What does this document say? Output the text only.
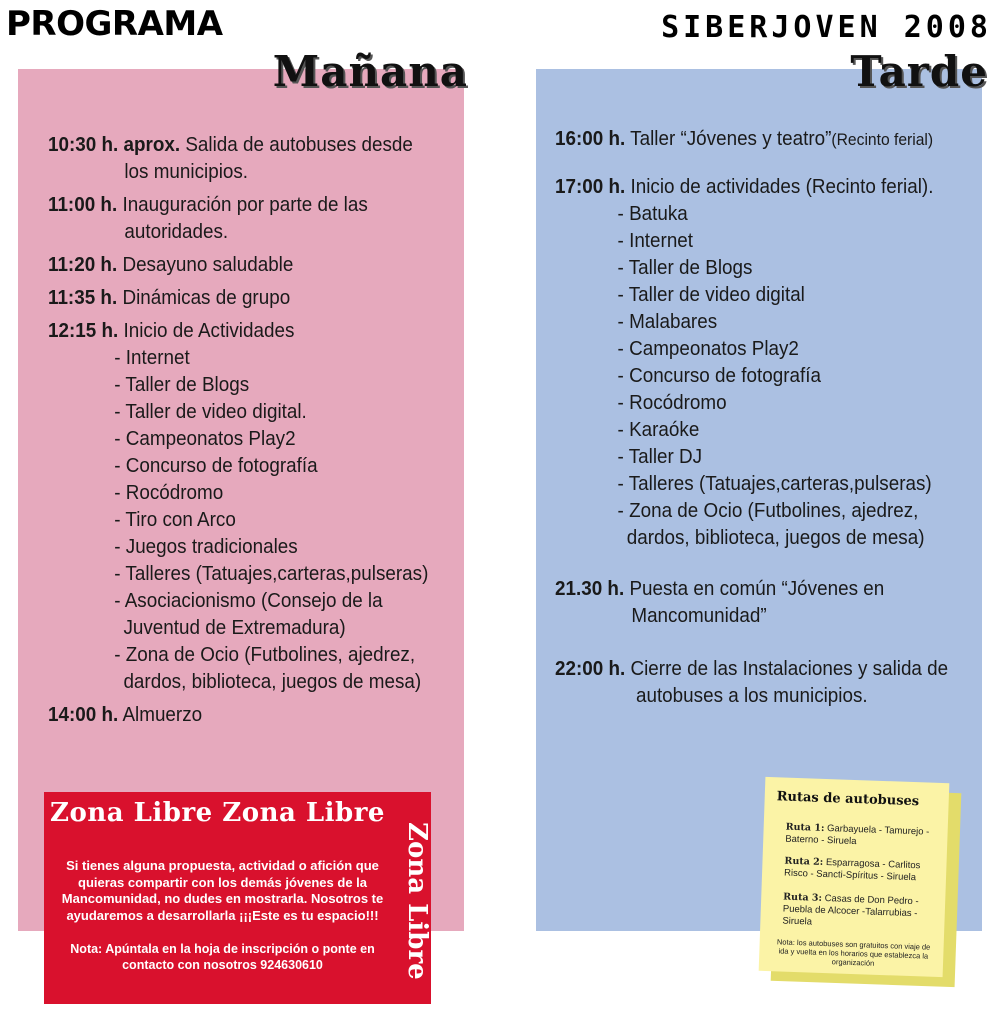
PROGRAMA	SIBERJOVEN 2008
Mañana
10:30 h. aprox. Salida de autobuses desde
los municipios.
11:00 h. Inauguración por parte de las
autoridades.
11:20 h. Desayuno saludable
11:35 h. Dinámicas de grupo
12:15 h. Inicio de Actividades
- Internet
- Taller de Blogs
- Taller de video digital.
- Campeonatos Play2
- Concurso de fotografía
- Rocódromo
- Tiro con Arco
- Juegos tradicionales
- Talleres (Tatuajes,carteras,pulseras)
- Asociacionismo (Consejo de la
Juventud de Extremadura)
- Zona de Ocio (Futbolines, ajedrez,
dardos, biblioteca, juegos de mesa)
14:00 h. Almuerzo
Tarde
16:00 h. Taller “Jóvenes y teatro”(Recinto ferial)
17:00 h. Inicio de actividades (Recinto ferial).
- Batuka
- Internet
- Taller de Blogs
- Taller de video digital
- Malabares
- Campeonatos Play2
- Concurso de fotografía
- Rocódromo
- Karaóke
- Taller DJ
- Talleres (Tatuajes,carteras,pulseras)
- Zona de Ocio (Futbolines, ajedrez,
dardos, biblioteca, juegos de mesa)
21.30 h. Puesta en común “Jóvenes en
Mancomunidad”
22:00 h. Cierre de las Instalaciones y salida de
autobuses a los municipios.
Zona Libre Zona Libre
Zona Libre
Si tienes alguna propuesta, actividad o afición que quieras compartir con los demás jóvenes de la Mancomunidad, no dudes en mostrarla. Nosotros te ayudaremos a desarrollarla ¡¡¡Este es tu espacio!!!
Nota: Apúntala en la hoja de inscripción o ponte en contacto con nosotros 924630610
Rutas de autobuses
Ruta 1: Garbayuela - Tamurejo - Baterno - Siruela
Ruta 2: Esparragosa - Carlitos Risco - Sancti-Spíritus - Siruela
Ruta 3: Casas de Don Pedro - Puebla de Alcocer -Talarrubias - Siruela
Nota: los autobuses son gratuitos con viaje de ida y vuelta en los horarios que establezca la organización
